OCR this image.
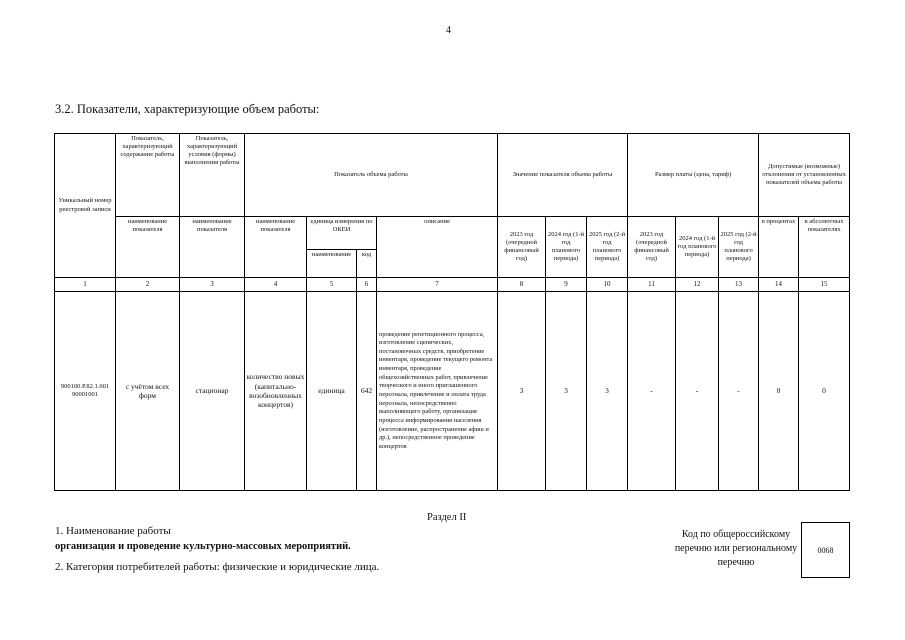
4
3.2. Показатели, характеризующие объем работы:
Уникальный номер реестровой записи	Показатель, характеризующий содержание работы	Показатель, характеризующий условия (формы) выполнения работы	Показатель объема работы				Значение показателя объема работы			Размер платы (цена, тариф)			Допустимые (возможные) отклонения от установленных показателей объема работы	
	наименование показателя	наименование показателя	наименование показателя	единица измерения по ОКЕИ		описание	2023 год (очередной финансовый год)	2024 год (1-й год планового периода)	2025 год (2-й год планового периода)	2023 год (очередной финансовый год)	2024 год (1-й год планового периода)	2025 год (2-й год планового периода)	в процентах	в абсолютных показателях
				наименование	код									
1	2	3	4	5	6	7	8	9	10	11	12	13	14	15
900100.Р.82.1.001 90001001	с учётом всех форм	стационар	количество новых (капитально-возобновленных концертов)	единица	642	проведение репетиционного процесса, изготовление сценических, постановочных средств, приобретение инвентаря, проведение текущего ремонта инвентаря, проведение общехозяйственных работ, привлечение творческого и иного приглашенного персонала, привлечение и оплата труда персонала, непосредственно выполняющего работу, организация процесса информирования населения (изготовление, распространение афиш и др.), непосредственное проведение концертов	3	3	3	-	-	-	0	0
Раздел II
1. Наименование работы
организация и проведение культурно-массовых мероприятий.
2. Категория потребителей работы: физические и юридические лица.
Код по общероссийскому перечню или региональному перечню
0068
